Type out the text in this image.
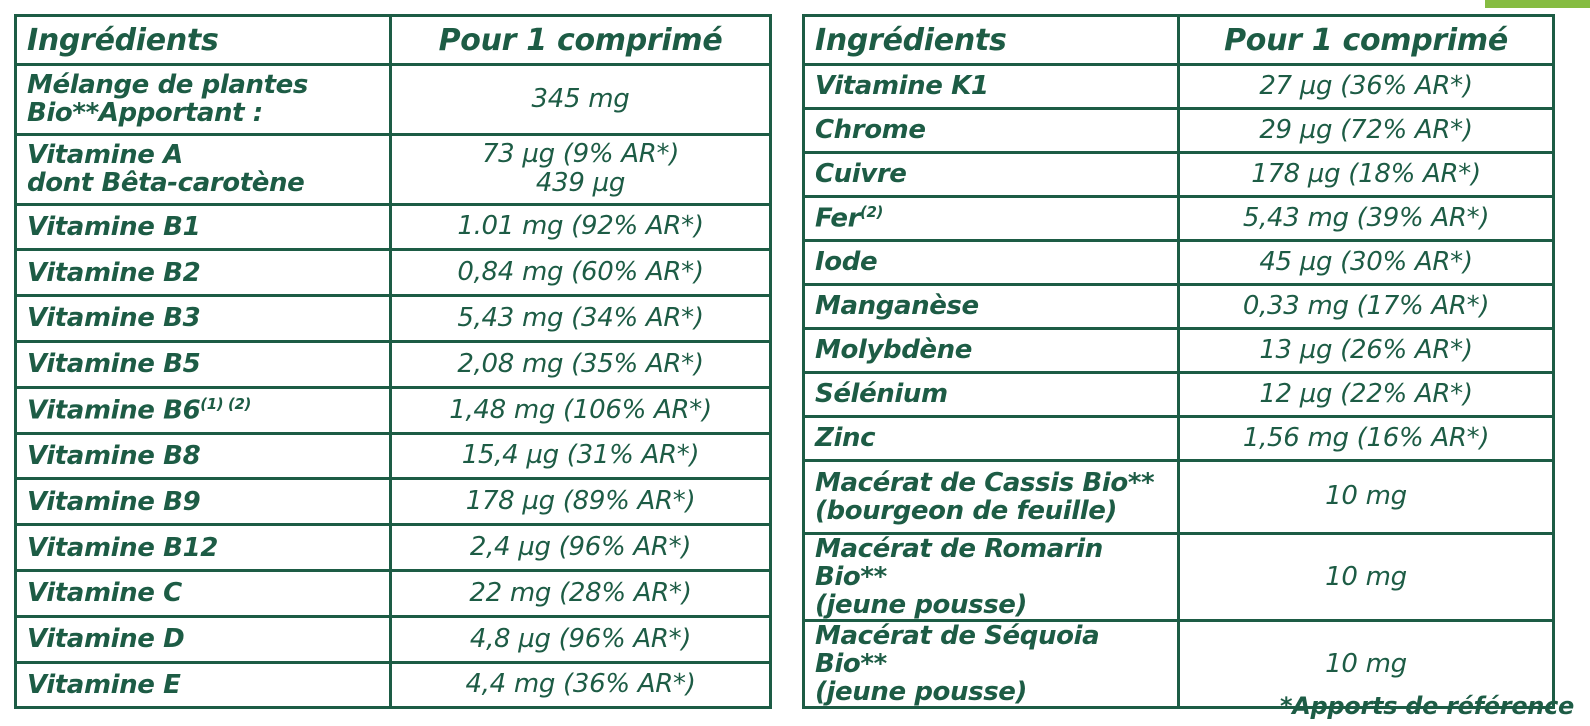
Ingrédients	Pour 1 comprimé

Mélange de plantes
Bio**Apportant :	345 mg

Vitamine A
dont Bêta-carotène	73 µg (9% AR*)
439 µg

Vitamine B1	1.01 mg (92% AR*)
Vitamine B2	0,84 mg (60% AR*)
Vitamine B3	5,43 mg (34% AR*)
Vitamine B5	2,08 mg (35% AR*)
Vitamine $B6^{(1) (2)}$	1,48 mg (106% AR*)
Vitamine B8	15,4 µg (31% AR*)
Vitamine B9	178 µg (89% AR*)
Vitamine B12	2,4 µg (96% AR*)
Vitamine C	22 mg (28% AR*)
Vitamine D	4,8 µg (96% AR*)
Vitamine E	4,4 mg (36% AR*)
Ingrédients	Pour 1 comprimé
Vitamine K1	27 µg (36% AR*)
Chrome	29 µg (72% AR*)
Cuivre	178 µg (18% AR*)
Fer$^{(2)}$	5,43 mg (39% AR*)
Iode	45 µg (30% AR*)
Manganèse	0,33 mg (17% AR*)
Molybdène	13 µg (26% AR*)
Sélénium	12 µg (22% AR*)
Zinc	1,56 mg (16% AR*)

Macérat de Cassis Bio**
(bourgeon de feuille)	10 mg

Macérat de Romarin Bio**
(jeune pousse)	10 mg

Macérat de Séquoia Bio**
(jeune pousse)	10 mg
*Apports de référence
